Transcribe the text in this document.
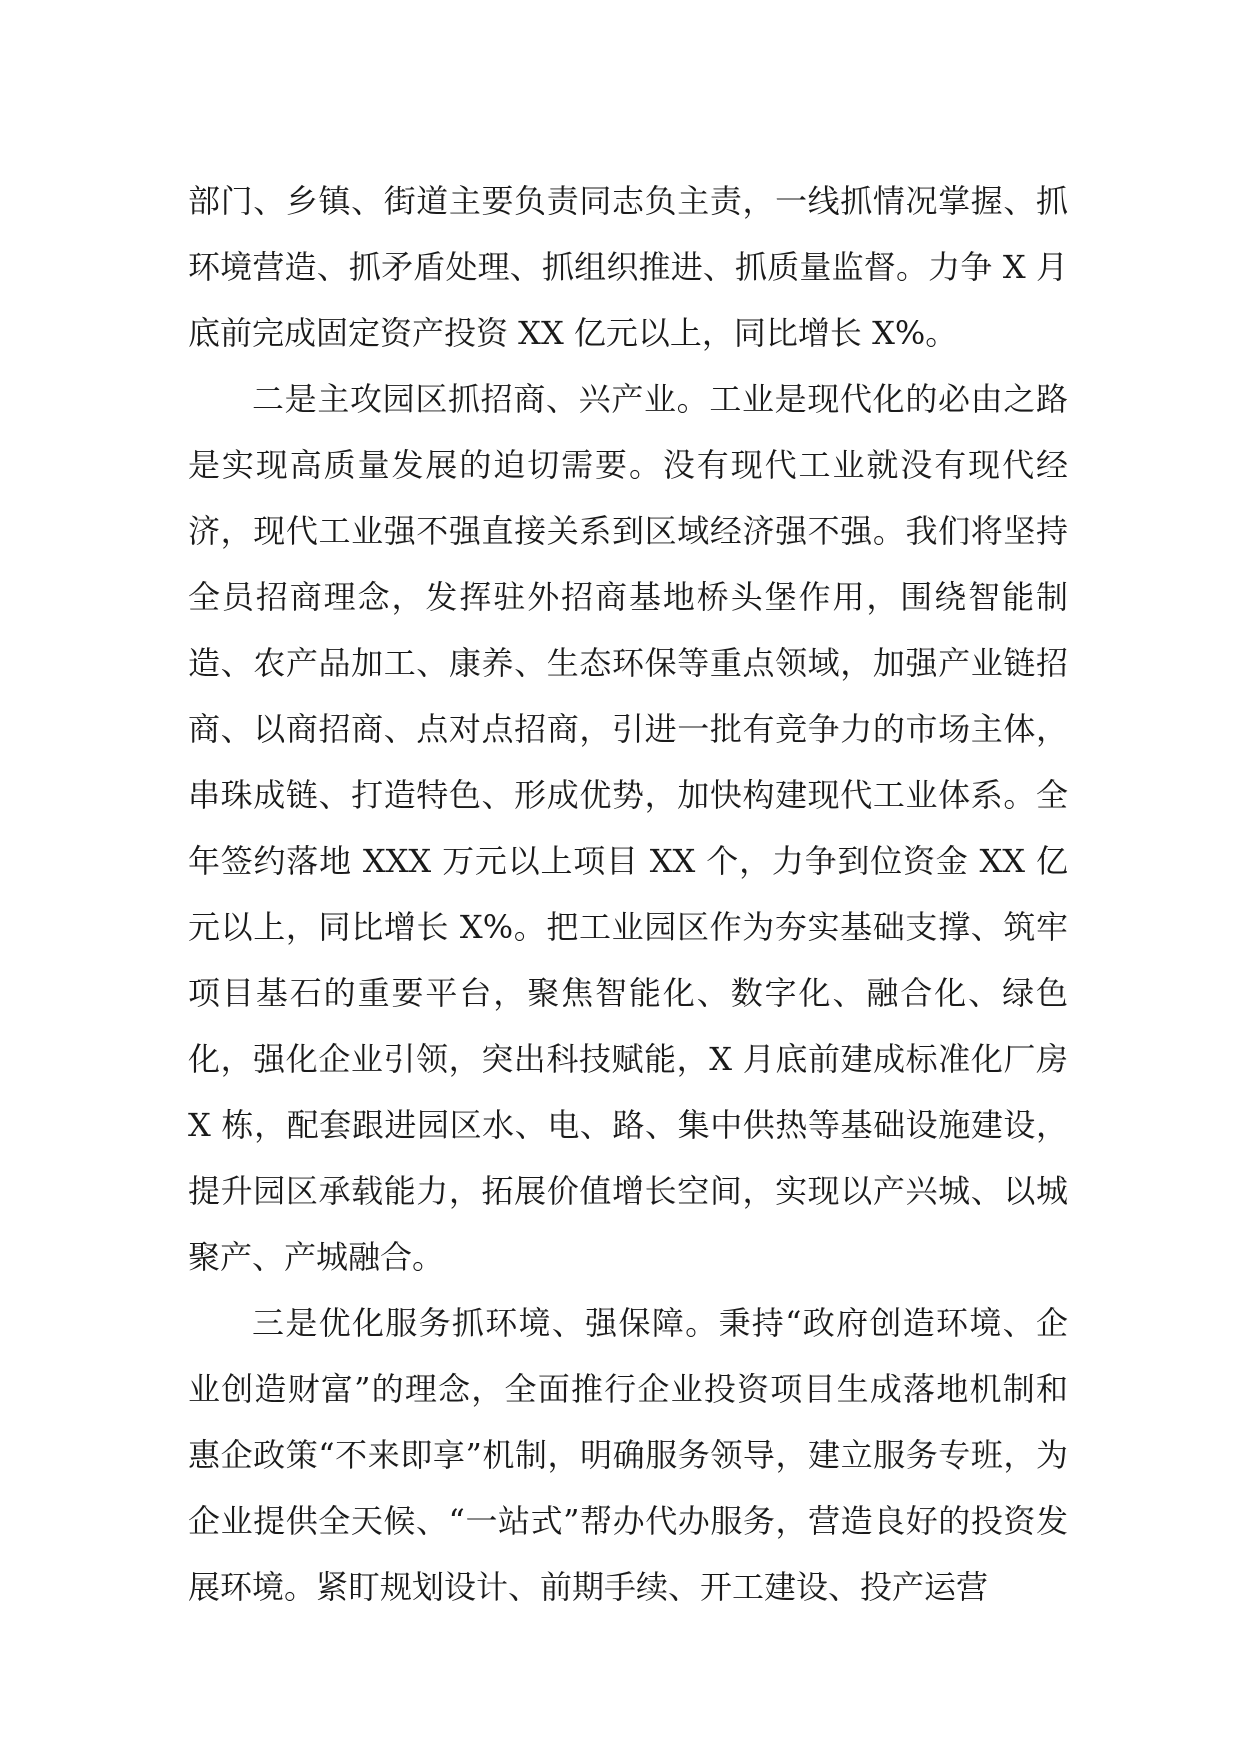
部门、乡镇、街道主要负责同志负主责，一线抓情况掌握、抓环境营造、抓矛盾处理、抓组织推进、抓质量监督。力争 X 月底前完成固定资产投资 XX 亿元以上，同比增长 X%。

二是主攻园区抓招商、兴产业。工业是现代化的必由之路是实现高质量发展的迫切需要。没有现代工业就没有现代经济，现代工业强不强直接关系到区域经济强不强。我们将坚持全员招商理念，发挥驻外招商基地桥头堡作用，围绕智能制造、农产品加工、康养、生态环保等重点领域，加强产业链招商、以商招商、点对点招商，引进一批有竞争力的市场主体，串珠成链、打造特色、形成优势，加快构建现代工业体系。全年签约落地 XXX 万元以上项目 XX 个，力争到位资金 XX 亿元以上，同比增长 X%。把工业园区作为夯实基础支撑、筑牢项目基石的重要平台，聚焦智能化、数字化、融合化、绿色化，强化企业引领，突出科技赋能，X 月底前建成标准化厂房 X 栋，配套跟进园区水、电、路、集中供热等基础设施建设，提升园区承载能力，拓展价值增长空间，实现以产兴城、以城聚产、产城融合。

三是优化服务抓环境、强保障。秉持“政府创造环境、企业创造财富”的理念，全面推行企业投资项目生成落地机制和惠企政策“不来即享”机制，明确服务领导，建立服务专班，为企业提供全天候、“一站式”帮办代办服务，营造良好的投资发展环境。紧盯规划设计、前期手续、开工建设、投产运营
